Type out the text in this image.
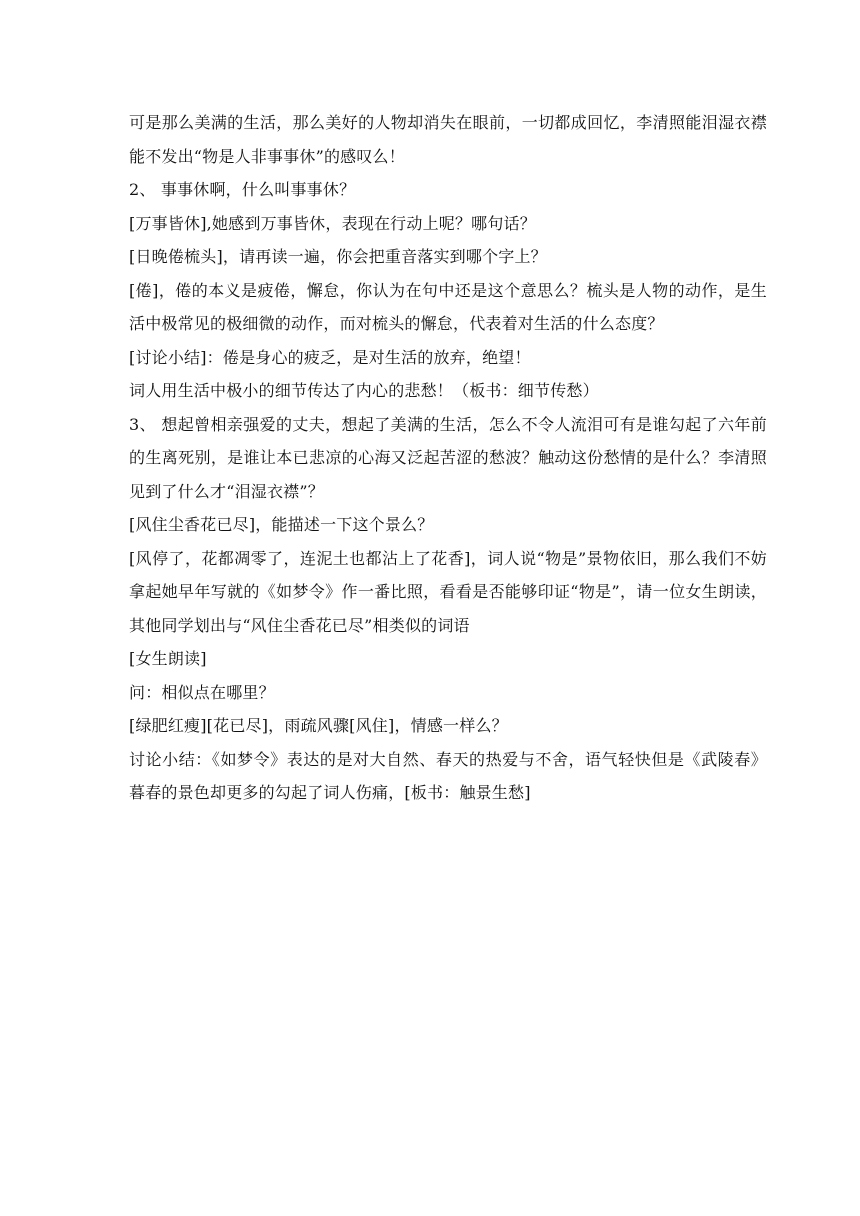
可是那么美满的生活，那么美好的人物却消失在眼前，一切都成回忆，李清照能泪湿衣襟能不发出“物是人非事事休”的感叹么！

2、 事事休啊，什么叫事事休？

[万事皆休],她感到万事皆休，表现在行动上呢？哪句话？

[日晚倦梳头]，请再读一遍，你会把重音落实到哪个字上？

[倦]，倦的本义是疲倦，懈怠，你认为在句中还是这个意思么？梳头是人物的动作，是生活中极常见的极细微的动作，而对梳头的懈怠，代表着对生活的什么态度？

[讨论小结]：倦是身心的疲乏，是对生活的放弃，绝望！

词人用生活中极小的细节传达了内心的悲愁！（板书：细节传愁）

3、 想起曾相亲强爱的丈夫，想起了美满的生活，怎么不令人流泪可有是谁勾起了六年前的生离死别，是谁让本已悲凉的心海又泛起苦涩的愁波？触动这份愁情的是什么？李清照见到了什么才“泪湿衣襟”？

[风住尘香花已尽]，能描述一下这个景么？

[风停了，花都凋零了，连泥土也都沾上了花香]，词人说“物是”景物依旧，那么我们不妨拿起她早年写就的《如梦令》作一番比照，看看是否能够印证“物是”，请一位女生朗读，其他同学划出与“风住尘香花已尽”相类似的词语

[女生朗读]

问：相似点在哪里？

[绿肥红瘦][花已尽]，雨疏风骤[风住]，情感一样么？

讨论小结：《如梦令》表达的是对大自然、春天的热爱与不舍，语气轻快但是《武陵春》暮春的景色却更多的勾起了词人伤痛，[板书：触景生愁]
